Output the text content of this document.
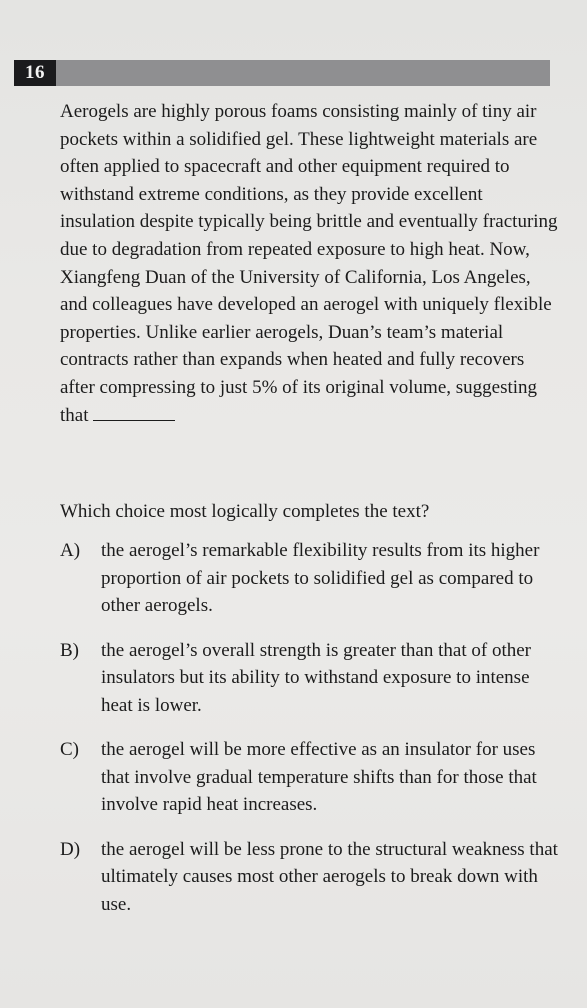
16

Aerogels are highly porous foams consisting mainly of tiny air pockets within a solidified gel. These lightweight materials are often applied to spacecraft and other equipment required to withstand extreme conditions, as they provide excellent insulation despite typically being brittle and eventually fracturing due to degradation from repeated exposure to high heat. Now, Xiangfeng Duan of the University of California, Los Angeles, and colleagues have developed an aerogel with uniquely flexible properties. Unlike earlier aerogels, Duan’s team’s material contracts rather than expands when heated and fully recovers after compressing to just 5% of its original volume, suggesting that

Which choice most logically completes the text?

A)	the aerogel’s remarkable flexibility results from its higher proportion of air pockets to solidified gel as compared to other aerogels.
B)	the aerogel’s overall strength is greater than that of other insulators but its ability to withstand exposure to intense heat is lower.
C)	the aerogel will be more effective as an insulator for uses that involve gradual temperature shifts than for those that involve rapid heat increases.
D)	the aerogel will be less prone to the structural weakness that ultimately causes most other aerogels to break down with use.
